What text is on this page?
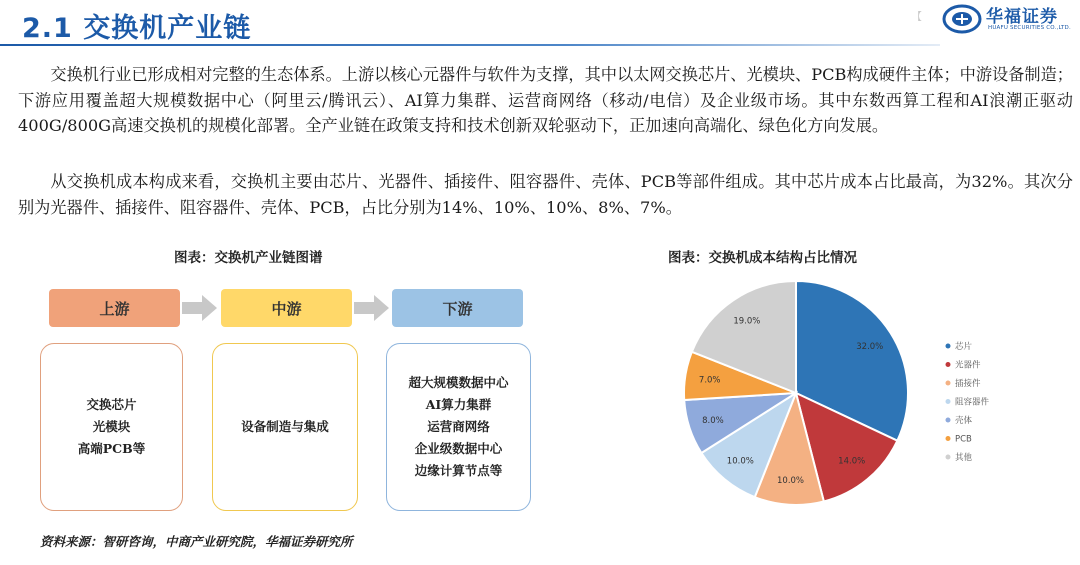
2.1 交换机产业链	【	华福证券
HUAFU SECURITIES CO.,LTD.

交换机行业已形成相对完整的生态体系。上游以核心元器件与软件为支撑，其中以太网交换芯片、光模块、PCB构成硬件主体；中游设备制造；下游应用覆盖超大规模数据中心（阿里云/腾讯云）、AI算力集群、运营商网络（移动/电信）及企业级市场。其中东数西算工程和AI浪潮正驱动400G/800G高速交换机的规模化部署。全产业链在政策支持和技术创新双轮驱动下，正加速向高端化、绿色化方向发展。

从交换机成本构成来看，交换机主要由芯片、光器件、插接件、阻容器件、壳体、PCB等部件组成。其中芯片成本占比最高，为32%。其次分别为光器件、插接件、阻容器件、壳体、PCB，占比分别为14%、10%、10%、8%、7%。

图表：交换机产业链图谱
上游	中游	下游
交换芯片
光模块
高端PCB等
设备制造与集成
超大规模数据中心
AI算力集群
运营商网络
企业级数据中心
边缘计算节点等
资料来源：智研咨询，中商产业研究院，华福证券研究所
图表：交换机成本结构占比情况
32.0%
14.0%
10.0%
10.0%
8.0%
7.0%
19.0%
芯片
光器件
插接件
阻容器件
壳体
PCB
其他
